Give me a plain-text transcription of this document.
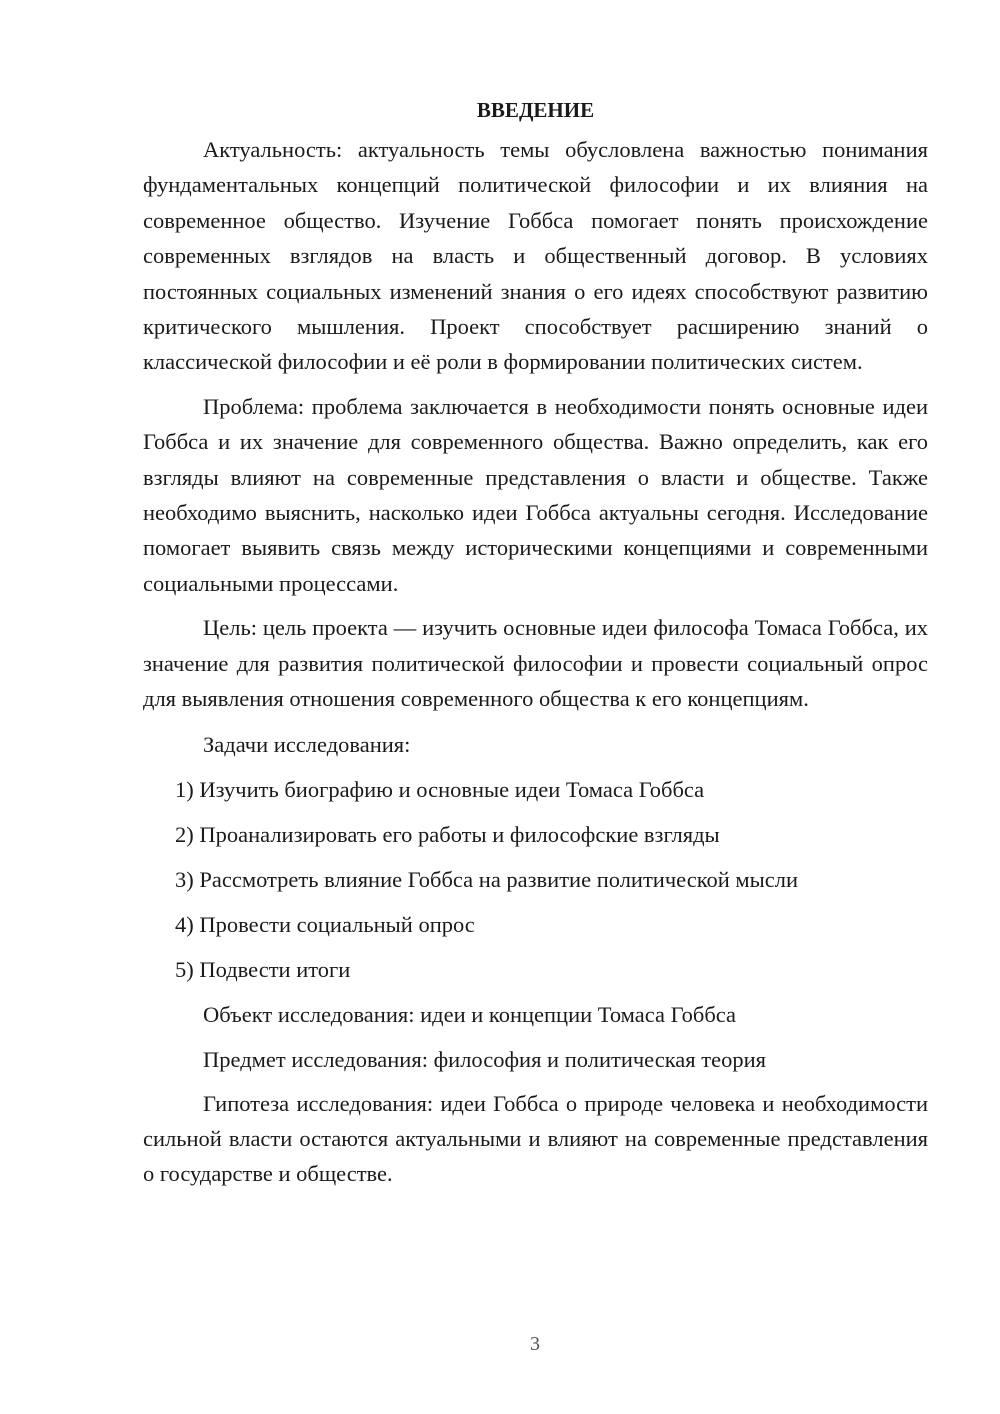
ВВЕДЕНИЕ

Актуальность: актуальность темы обусловлена важностью понимания фундаментальных концепций политической философии и их влияния на современное общество. Изучение Гоббса помогает понять происхождение современных взглядов на власть и общественный договор. В условиях постоянных социальных изменений знания о его идеях способствуют развитию критического мышления. Проект способствует расширению знаний о классической философии и её роли в формировании политических систем.

Проблема: проблема заключается в необходимости понять основные идеи Гоббса и их значение для современного общества. Важно определить, как его взгляды влияют на современные представления о власти и обществе. Также необходимо выяснить, насколько идеи Гоббса актуальны сегодня. Исследование помогает выявить связь между историческими концепциями и современными социальными процессами.

Цель: цель проекта — изучить основные идеи философа Томаса Гоббса, их значение для развития политической философии и провести социальный опрос для выявления отношения современного общества к его концепциям.

Задачи исследования:

1) Изучить биографию и основные идеи Томаса Гоббса

2) Проанализировать его работы и философские взгляды

3) Рассмотреть влияние Гоббса на развитие политической мысли

4) Провести социальный опрос

5) Подвести итоги

Объект исследования: идеи и концепции Томаса Гоббса

Предмет исследования: философия и политическая теория

Гипотеза исследования: идеи Гоббса о природе человека и необходимости сильной власти остаются актуальными и влияют на современные представления о государстве и обществе.

3
